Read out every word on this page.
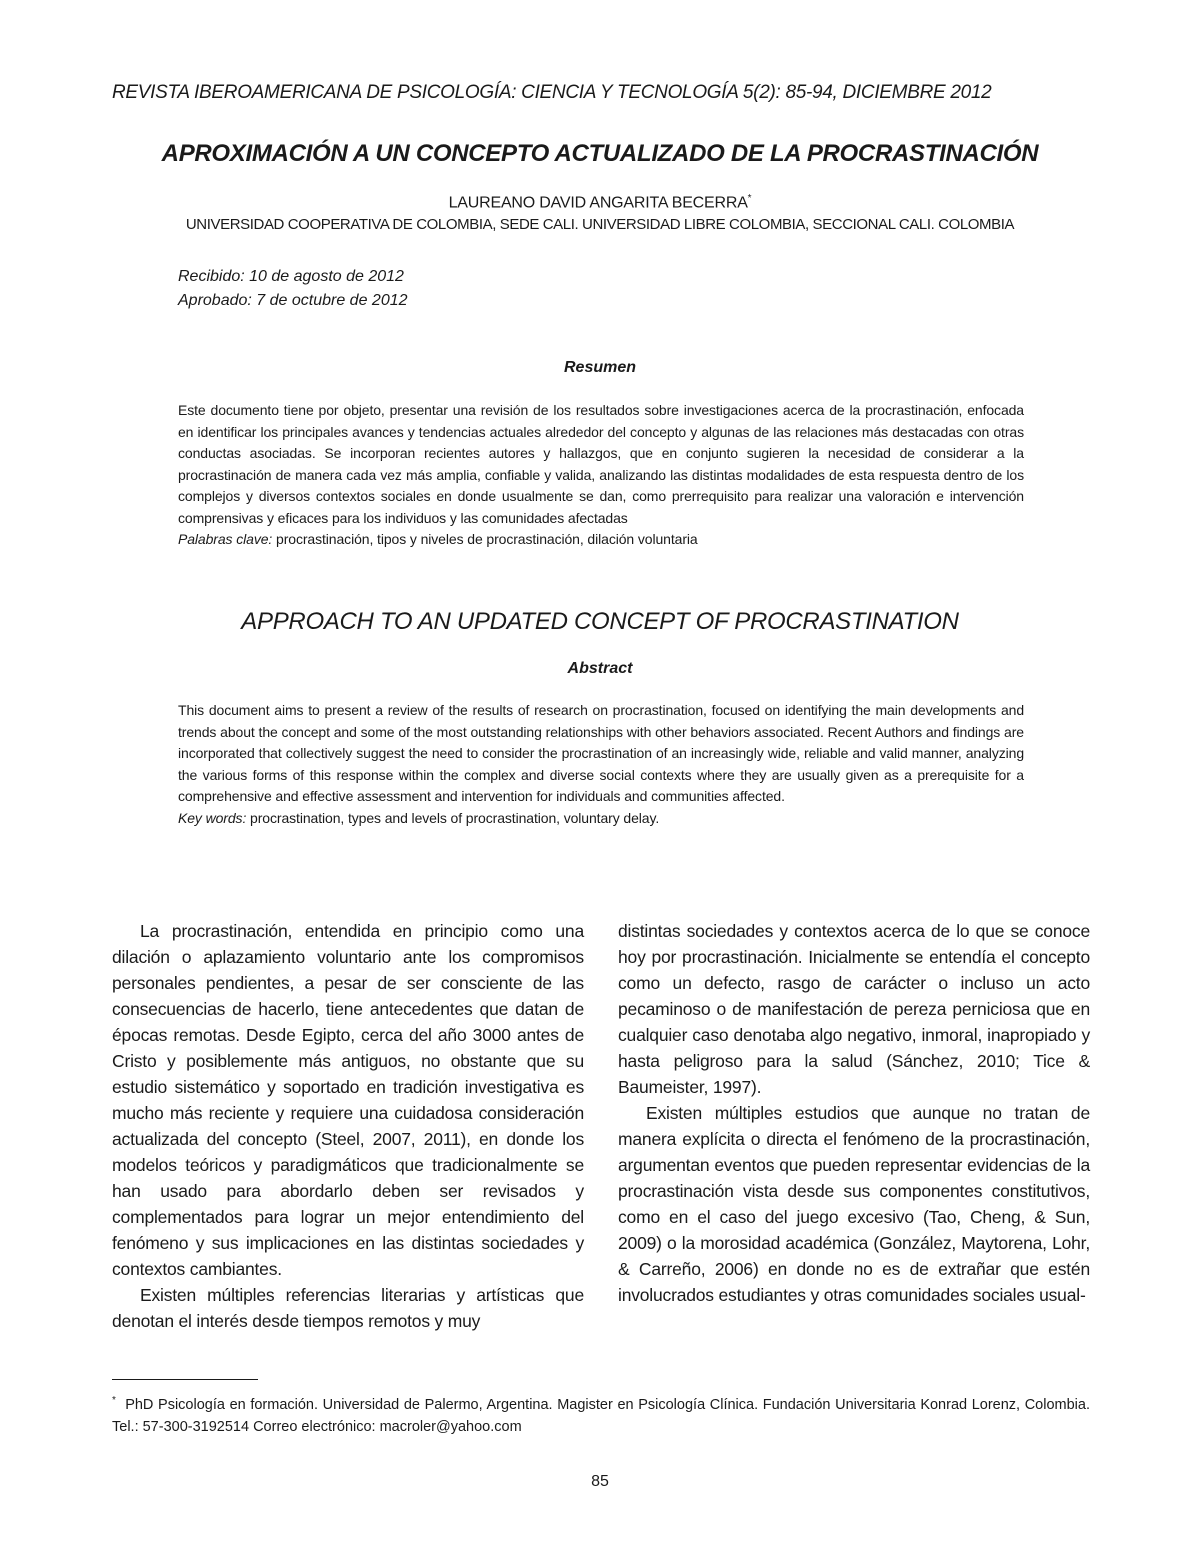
REVISTA IBEROAMERICANA DE PSICOLOGÍA: CIENCIA Y TECNOLOGÍA 5(2): 85-94, DICIEMBRE 2012
APROXIMACIÓN A UN CONCEPTO ACTUALIZADO DE LA PROCRASTINACIÓN
LAUREANO DAVID ANGARITA BECERRA*
UNIVERSIDAD COOPERATIVA DE COLOMBIA, SEDE CALI. UNIVERSIDAD LIBRE COLOMBIA, SECCIONAL CALI. COLOMBIA
Recibido: 10 de agosto de 2012
Aprobado: 7 de octubre de 2012
Resumen

Este documento tiene por objeto, presentar una revisión de los resultados sobre investigaciones acerca de la procrastinación, enfocada en identificar los principales avances y tendencias actuales alrededor del concepto y algunas de las relaciones más destacadas con otras conductas asociadas. Se incorporan recientes autores y hallazgos, que en conjunto sugieren la necesidad de considerar a la procrastinación de manera cada vez más amplia, confiable y valida, analizando las distintas modalidades de esta respuesta dentro de los complejos y diversos contextos sociales en donde usualmente se dan, como prerrequisito para realizar una valoración e intervención comprensivas y eficaces para los individuos y las comunidades afectadas

Palabras clave: procrastinación, tipos y niveles de procrastinación, dilación voluntaria

APPROACH TO AN UPDATED CONCEPT OF PROCRASTINATION
Abstract

This document aims to present a review of the results of research on procrastination, focused on identifying the main developments and trends about the concept and some of the most outstanding relationships with other behaviors associated. Recent Authors and findings are incorporated that collectively suggest the need to consider the procrastination of an increasingly wide, reliable and valid manner, analyzing the various forms of this response within the complex and diverse social contexts where they are usually given as a prerequisite for a comprehensive and effective assessment and intervention for individuals and communities affected.

Key words: procrastination, types and levels of procrastination, voluntary delay.

La procrastinación, entendida en principio como una dilación o aplazamiento voluntario ante los compromisos personales pendientes, a pesar de ser consciente de las consecuencias de hacerlo, tiene antecedentes que datan de épocas remotas. Desde Egipto, cerca del año 3000 antes de Cristo y posiblemente más antiguos, no obstante que su estudio sistemático y soportado en tradición investigativa es mucho más reciente y requiere una cuidadosa consideración actualizada del concepto (Steel, 2007, 2011), en donde los modelos teóricos y paradigmáticos que tradicionalmente se han usado para abordarlo deben ser revisados y complementados para lograr un mejor entendimiento del fenómeno y sus implicaciones en las distintas sociedades y contextos cambiantes.

Existen múltiples referencias literarias y artísticas que denotan el interés desde tiempos remotos y muy

distintas sociedades y contextos acerca de lo que se conoce hoy por procrastinación. Inicialmente se entendía el concepto como un defecto, rasgo de carácter o incluso un acto pecaminoso o de manifestación de pereza perniciosa que en cualquier caso denotaba algo negativo, inmoral, inapropiado y hasta peligroso para la salud (Sánchez, 2010; Tice & Baumeister, 1997).

Existen múltiples estudios que aunque no tratan de manera explícita o directa el fenómeno de la procrastinación, argumentan eventos que pueden representar evidencias de la procrastinación vista desde sus componentes constitutivos, como en el caso del juego excesivo (Tao, Cheng, & Sun, 2009) o la morosidad académica (González, Maytorena, Lohr, & Carreño, 2006) en donde no es de extrañar que estén involucrados estudiantes y otras comunidades sociales usual-

* PhD Psicología en formación. Universidad de Palermo, Argentina. Magister en Psicología Clínica. Fundación Universitaria Konrad Lorenz, Colombia. Tel.: 57-300-3192514 Correo electrónico: macroler@yahoo.com
85
